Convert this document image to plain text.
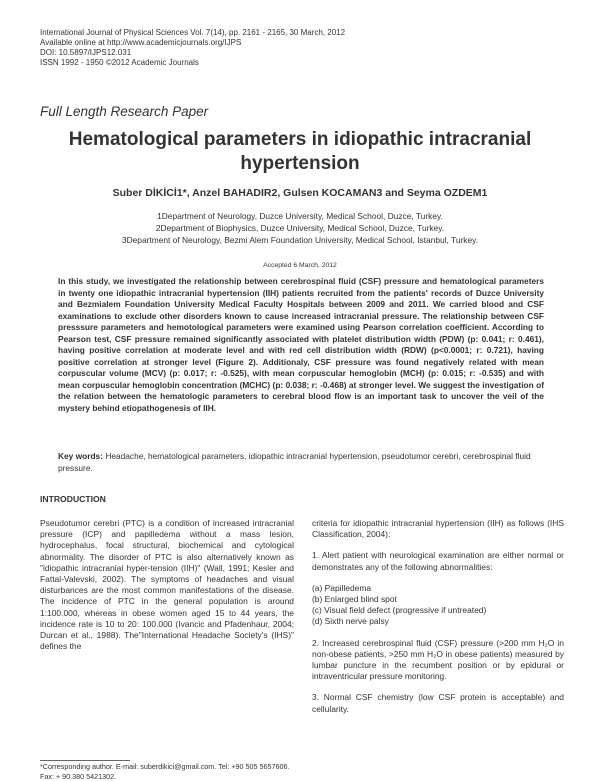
International Journal of Physical Sciences Vol. 7(14), pp. 2161 - 2165, 30 March, 2012
Available online at http://www.academicjournals.org/IJPS
DOI: 10.5897/IJPS12.031
ISSN 1992 - 1950 ©2012 Academic Journals
Full Length Research Paper
Hematological parameters in idiopathic intracranial hypertension
Suber DİKİCİ1*, Anzel BAHADIR2, Gulsen KOCAMAN3 and Seyma OZDEM1
1Department of Neurology, Duzce University, Medical School, Duzce, Turkey.
2Department of Biophysics, Duzce University, Medical School, Duzce, Turkey.
3Department of Neurology, Bezmi Alem Foundation University, Medical School, Istanbul, Turkey.
Accepted 6 March, 2012
In this study, we investigated the relationship between cerebrospinal fluid (CSF) pressure and hematological parameters in twenty one idiopathic intracranial hypertension (IIH) patients recruited from the patients' records of Duzce University and Bezmialem Foundation University Medical Faculty Hospitals between 2009 and 2011. We carried blood and CSF examinations to exclude other disorders known to cause increased intracranial pressure. The relationship between CSF presssure parameters and hemotological parameters were examined using Pearson correlation coefficient. According to Pearson test, CSF pressure remained significantly associated with platelet distribution width (PDW) (p: 0.041; r: 0.461), having positive correlation at moderate level and with red cell distribution width (RDW) (p<0.0001; r: 0.721), having positive correlation at stronger level (Figure 2). Additionaly, CSF pressure was found negatively related with mean corpuscular volume (MCV) (p: 0.017; r: -0.525), with mean corpuscular hemoglobin (MCH) (p: 0.015; r: -0.535) and with mean corpuscular hemoglobin concentration (MCHC) (p: 0.038; r: -0.468) at stronger level. We suggest the investigation of the relation between the hematologic parameters to cerebral blood flow is an important task to uncover the veil of the mystery behind etiopathogenesis of IIH.
Key words: Headache, hematological parameters, idiopathic intracranial hypertension, pseudotumor cerebri, cerebrospinal fluid pressure.
INTRODUCTION

Pseudotumor cerebri (PTC) is a condition of increased intracranial pressure (ICP) and papilledema without a mass lesion, hydrocephalus, focal structural, biochemical and cytological abnormality. The disorder of PTC is also alternatively known as "idiopathic intracranial hyper-tension (IIH)" (Wall, 1991; Kesler and Fattal-Valevski, 2002). The symptoms of headaches and visual disturbances are the most common manifestations of the disease. The incidence of PTC in the general population is around 1:100.000, whereas in obese women aged 15 to 44 years, the incidence rate is 10 to 20: 100.000 (Ivancic and Pfadenhaur, 2004; Durcan et al., 1988). The"International Headache Society's (IHS)" defines the

*Corresponding author. E-mail: suberdikici@gmail.com. Tel: +90 505 5657606. Fax: + 90 380 5421302.

criteria for idiopathic intracranial hypertension (IIH) as follows (IHS Classification, 2004):

1. Alert patient with neurological examination are either normal or demonstrates any of the following abnormalities:

(a) Papilledema
(b) Enlarged blind spot
(c) Visual field defect (progressive if untreated)
(d) Sixth nerve palsy

2. Increased cerebrospinal fluid (CSF) pressure (>200 mm H₂O in non-obese patients, >250 mm H₂O in obese patients) measured by lumbar puncture in the recumbent position or by epidural or intraventricular pressure monitoring.

3. Normal CSF chemistry (low CSF protein is acceptable) and cellularity.
